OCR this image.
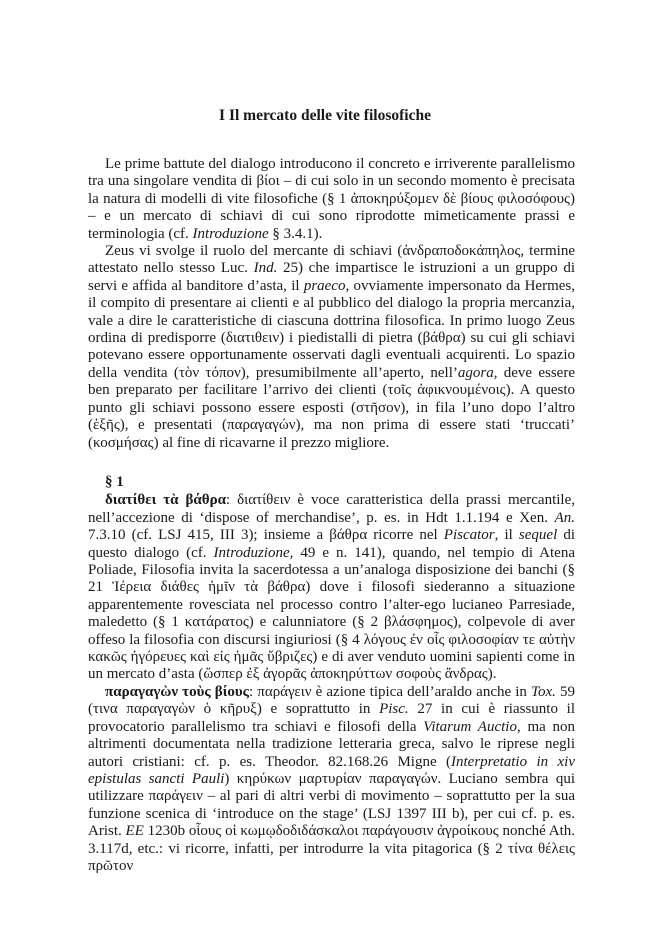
I Il mercato delle vite filosofiche

Le prime battute del dialogo introducono il concreto e irriverente parallelismo tra una singolare vendita di βίοι – di cui solo in un secondo momento è precisata la natura di modelli di vite filosofiche (§ 1 ἀποκηρύξομεν δὲ βίους φιλοσόφους) – e un mercato di schiavi di cui sono riprodotte mimeticamente prassi e terminologia (cf. Introduzione § 3.4.1).

Zeus vi svolge il ruolo del mercante di schiavi (ἀνδραποδοκάπηλος, termine attestato nello stesso Luc. Ind. 25) che impartisce le istruzioni a un gruppo di servi e affida al banditore d’asta, il praeco, ovviamente impersonato da Hermes, il compito di presentare ai clienti e al pubblico del dialogo la propria mercanzia, vale a dire le caratteristiche di ciascuna dottrina filosofica. In primo luogo Zeus ordina di predisporre (διατιθειν) i piedistalli di pietra (βάθρα) su cui gli schiavi potevano essere opportunamente osservati dagli eventuali acquirenti. Lo spazio della vendita (τὸν τόπον), presumibilmente all’aperto, nell’agora, deve essere ben preparato per facilitare l’arrivo dei clienti (τοῖς ἀφικνουμένοις). A questo punto gli schiavi possono essere esposti (στῆσον), in fila l’uno dopo l’altro (ἑξῆς), e presentati (παραγαγών), ma non prima di essere stati ‘truccati’ (κοσμήσας) al fine di ricavarne il prezzo migliore.

§ 1

διατίθει τὰ βάθρα: διατίθειν è voce caratteristica della prassi mercantile, nell’accezione di ‘dispose of merchandise’, p. es. in Hdt 1.1.194 e Xen. An. 7.3.10 (cf. LSJ 415, III 3); insieme a βάθρα ricorre nel Piscator, il sequel di questo dialogo (cf. Introduzione, 49 e n. 141), quando, nel tempio di Atena Poliade, Filosofia invita la sacerdotessa a un’analoga disposizione dei banchi (§ 21 Ἱέρεια διάθες ἡμῖν τὰ βάθρα) dove i filosofi siederanno a situazione apparentemente rovesciata nel processo contro l’alter-ego lucianeo Parresiade, maledetto (§ 1 κατάρατος) e calunniatore (§ 2 βλάσφημος), colpevole di aver offeso la filosofia con discursi ingiuriosi (§ 4 λόγους ἐν οἷς φιλοσοφίαν τε αὐτὴν κακῶς ἠγόρευες καὶ εἰς ἡμᾶς ὕβριζες) e di aver venduto uomini sapienti come in un mercato d’asta (ὥσπερ ἐξ ἀγορᾶς ἀποκηρύττων σοφοὺς ἄνδρας).

παραγαγὼν τοὺς βίους: παράγειν è azione tipica dell’araldo anche in Tox. 59 (τινα παραγαγὼν ὁ κῆρυξ) e soprattutto in Pisc. 27 in cui è riassunto il provocatorio parallelismo tra schiavi e filosofi della Vitarum Auctio, ma non altrimenti documentata nella tradizione letteraria greca, salvo le riprese negli autori cristiani: cf. p. es. Theodor. 82.168.26 Migne (Interpretatio in xiv epistulas sancti Pauli) κηρύκων μαρτυρίαν παραγαγών. Luciano sembra qui utilizzare παράγειν – al pari di altri verbi di movimento – soprattutto per la sua funzione scenica di ‘introduce on the stage’ (LSJ 1397 III b), per cui cf. p. es. Arist. EE 1230b οἷους οἱ κωμῳδοδιδάσκαλοι παράγουσιν ἀγροίκους nonché Ath. 3.117d, etc.: vi ricorre, infatti, per introdurre la vita pitagorica (§ 2 τίνα θέλεις πρῶτον
